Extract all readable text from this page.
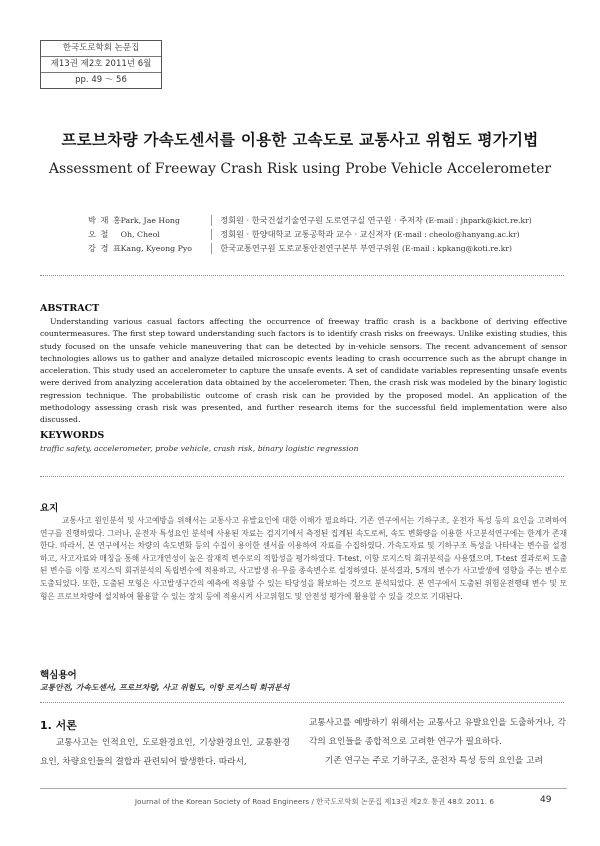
한국도로학회 논문집
제13권 제2호 2011년 6월
pp. 49 ～ 56
프로브차량 가속도센서를 이용한 고속도로 교통사고 위험도 평가기법
Assessment of Freeway Crash Risk using Probe Vehicle Accelerometer
박 재 홍 Park, Jae Hong	정회원 · 한국건설기술연구원 도로연구실 연구원 · 주저자 (E-mail : jhpark@kict.re.kr)
오 철 Oh, Cheol	정회원 · 한양대학교 교통공학과 교수 · 교신저자 (E-mail : cheolo@hanyang.ac.kr)
강 경 표 Kang, Kyeong Pyo	한국교통연구원 도로교통안전연구본부 부연구위원 (E-mail : kpkang@koti.re.kr)
ABSTRACT
Understanding various casual factors affecting the occurrence of freeway traffic crash is a backbone of deriving effective countermeasures. The first step toward understanding such factors is to identify crash risks on freeways. Unlike existing studies, this study focused on the unsafe vehicle maneuvering that can be detected by in-vehicle sensors. The recent advancement of sensor technologies allows us to gather and analyze detailed microscopic events leading to crash occurrence such as the abrupt change in acceleration. This study used an accelerometer to capture the unsafe events. A set of candidate variables representing unsafe events were derived from analyzing acceleration data obtained by the accelerometer. Then, the crash risk was modeled by the binary logistic regression technique. The probabilistic outcome of crash risk can be provided by the proposed model. An application of the methodology assessing crash risk was presented, and further research items for the successful field implementation were also discussed.
KEYWORDS
traffic safety, accelerometer, probe vehicle, crash risk, binary logistic regression
요지
교통사고 원인분석 및 사고예방을 위해서는 교통사고 유발요인에 대한 이해가 필요하다. 기존 연구에서는 기하구조, 운전자 특성 등의 요인을 고려하여 연구를 진행하였다. 그러나, 운전자 특성요인 분석에 사용된 자료는 검지기에서 측정된 집계된 속도로써, 속도 변화량을 이용한 사고분석연구에는 한계가 존재한다. 따라서, 본 연구에서는 차량의 속도변화 등의 수집이 용이한 센서를 이용하여 자료를 수집하였다. 가속도자료 및 기하구조 특성을 나타내는 변수를 설정하고, 사고자료와 매칭을 통해 사고개연성이 높은 잠재적 변수로의 적합성을 평가하였다. T-test, 이항 로지스틱 회귀분석을 사용했으며, T-test 결과로써 도출된 변수를 이항 로지스틱 회귀분석의 독립변수에 적용하고, 사고발생 유·무를 종속변수로 설정하였다. 분석결과, 5개의 변수가 사고발생에 영향을 주는 변수로 도출되었다. 또한, 도출된 모형은 사고발생구간의 예측에 적용할 수 있는 타당성을 확보하는 것으로 분석되었다. 본 연구에서 도출된 위험운전행태 변수 및 모형은 프로브차량에 설치하여 활용할 수 있는 장치 등에 적용시켜 사고위험도 및 안전성 평가에 활용할 수 있을 것으로 기대된다.
핵심용어
교통안전, 가속도센서, 프로브차량, 사고 위험도, 이항 로지스틱 회귀분석
1. 서론
교통사고는 인적요인, 도로환경요인, 기상환경요인, 교통환경요인, 차량요인들의 결합과 관련되어 발생한다. 따라서,
교통사고를 예방하기 위해서는 교통사고 유발요인을 도출하거나, 각각의 요인들을 종합적으로 고려한 연구가 필요하다.
기존 연구는 주로 기하구조, 운전자 특성 등의 요인을 고려
Journal of the Korean Society of Road Engineers / 한국도로학회 논문집 제13권 제2호 통권 48호 2011. 6	49
